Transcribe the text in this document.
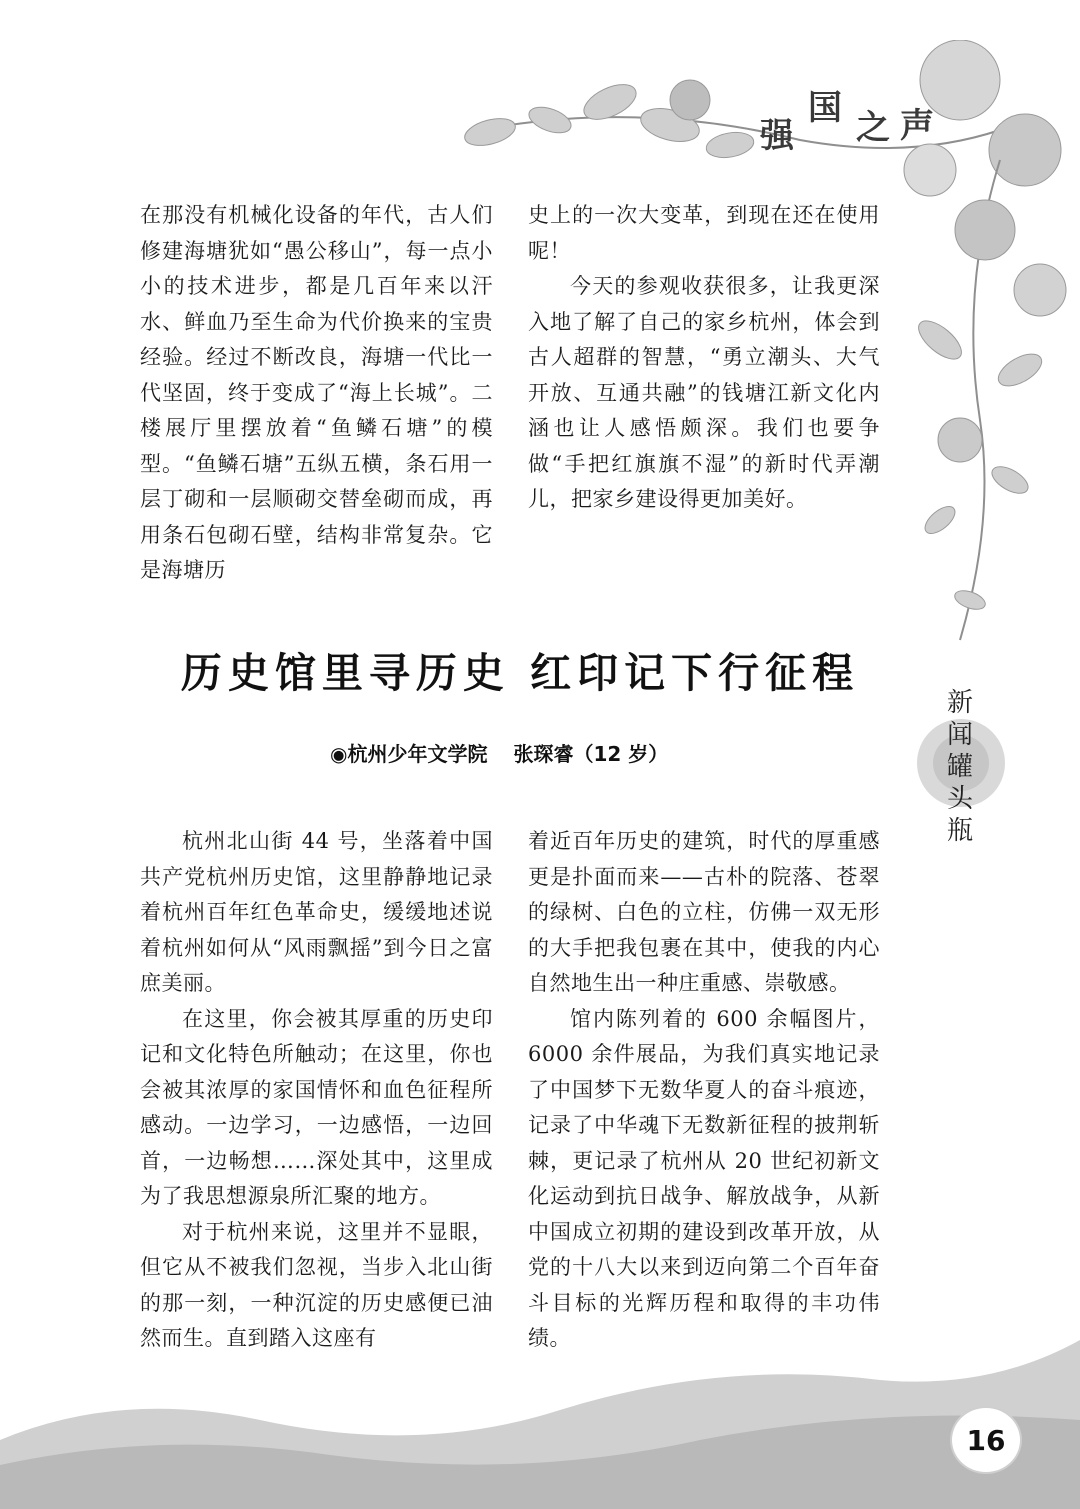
强
国 之 声

在那没有机械化设备的年代，古人们修建海塘犹如“愚公移山”，每一点小小的技术进步，都是几百年来以汗水、鲜血乃至生命为代价换来的宝贵经验。经过不断改良，海塘一代比一代坚固，终于变成了“海上长城”。二楼展厅里摆放着“鱼鳞石塘”的模型。“鱼鳞石塘”五纵五横，条石用一层丁砌和一层顺砌交替垒砌而成，再用条石包砌石壁，结构非常复杂。它是海塘历

史上的一次大变革，到现在还在使用呢！

今天的参观收获很多，让我更深入地了解了自己的家乡杭州，体会到古人超群的智慧，“勇立潮头、大气开放、互通共融”的钱塘江新文化内涵也让人感悟颇深。我们也要争做“手把红旗旗不湿”的新时代弄潮儿，把家乡建设得更加美好。

历史馆里寻历史 红印记下行征程
新
闻
罐
头
瓶
◉杭州少年文学院 张琛睿（12 岁）

杭州北山街 44 号，坐落着中国共产党杭州历史馆，这里静静地记录着杭州百年红色革命史，缓缓地述说着杭州如何从“风雨飘摇”到今日之富庶美丽。

在这里，你会被其厚重的历史印记和文化特色所触动；在这里，你也会被其浓厚的家国情怀和血色征程所感动。一边学习，一边感悟，一边回首，一边畅想……深处其中，这里成为了我思想源泉所汇聚的地方。

对于杭州来说，这里并不显眼，但它从不被我们忽视，当步入北山街的那一刻，一种沉淀的历史感便已油然而生。直到踏入这座有

着近百年历史的建筑，时代的厚重感更是扑面而来——古朴的院落、苍翠的绿树、白色的立柱，仿佛一双无形的大手把我包裹在其中，使我的内心自然地生出一种庄重感、崇敬感。

馆内陈列着的 600 余幅图片，6000 余件展品，为我们真实地记录了中国梦下无数华夏人的奋斗痕迹，记录了中华魂下无数新征程的披荆斩棘，更记录了杭州从 20 世纪初新文化运动到抗日战争、解放战争，从新中国成立初期的建设到改革开放，从党的十八大以来到迈向第二个百年奋斗目标的光辉历程和取得的丰功伟绩。

16
